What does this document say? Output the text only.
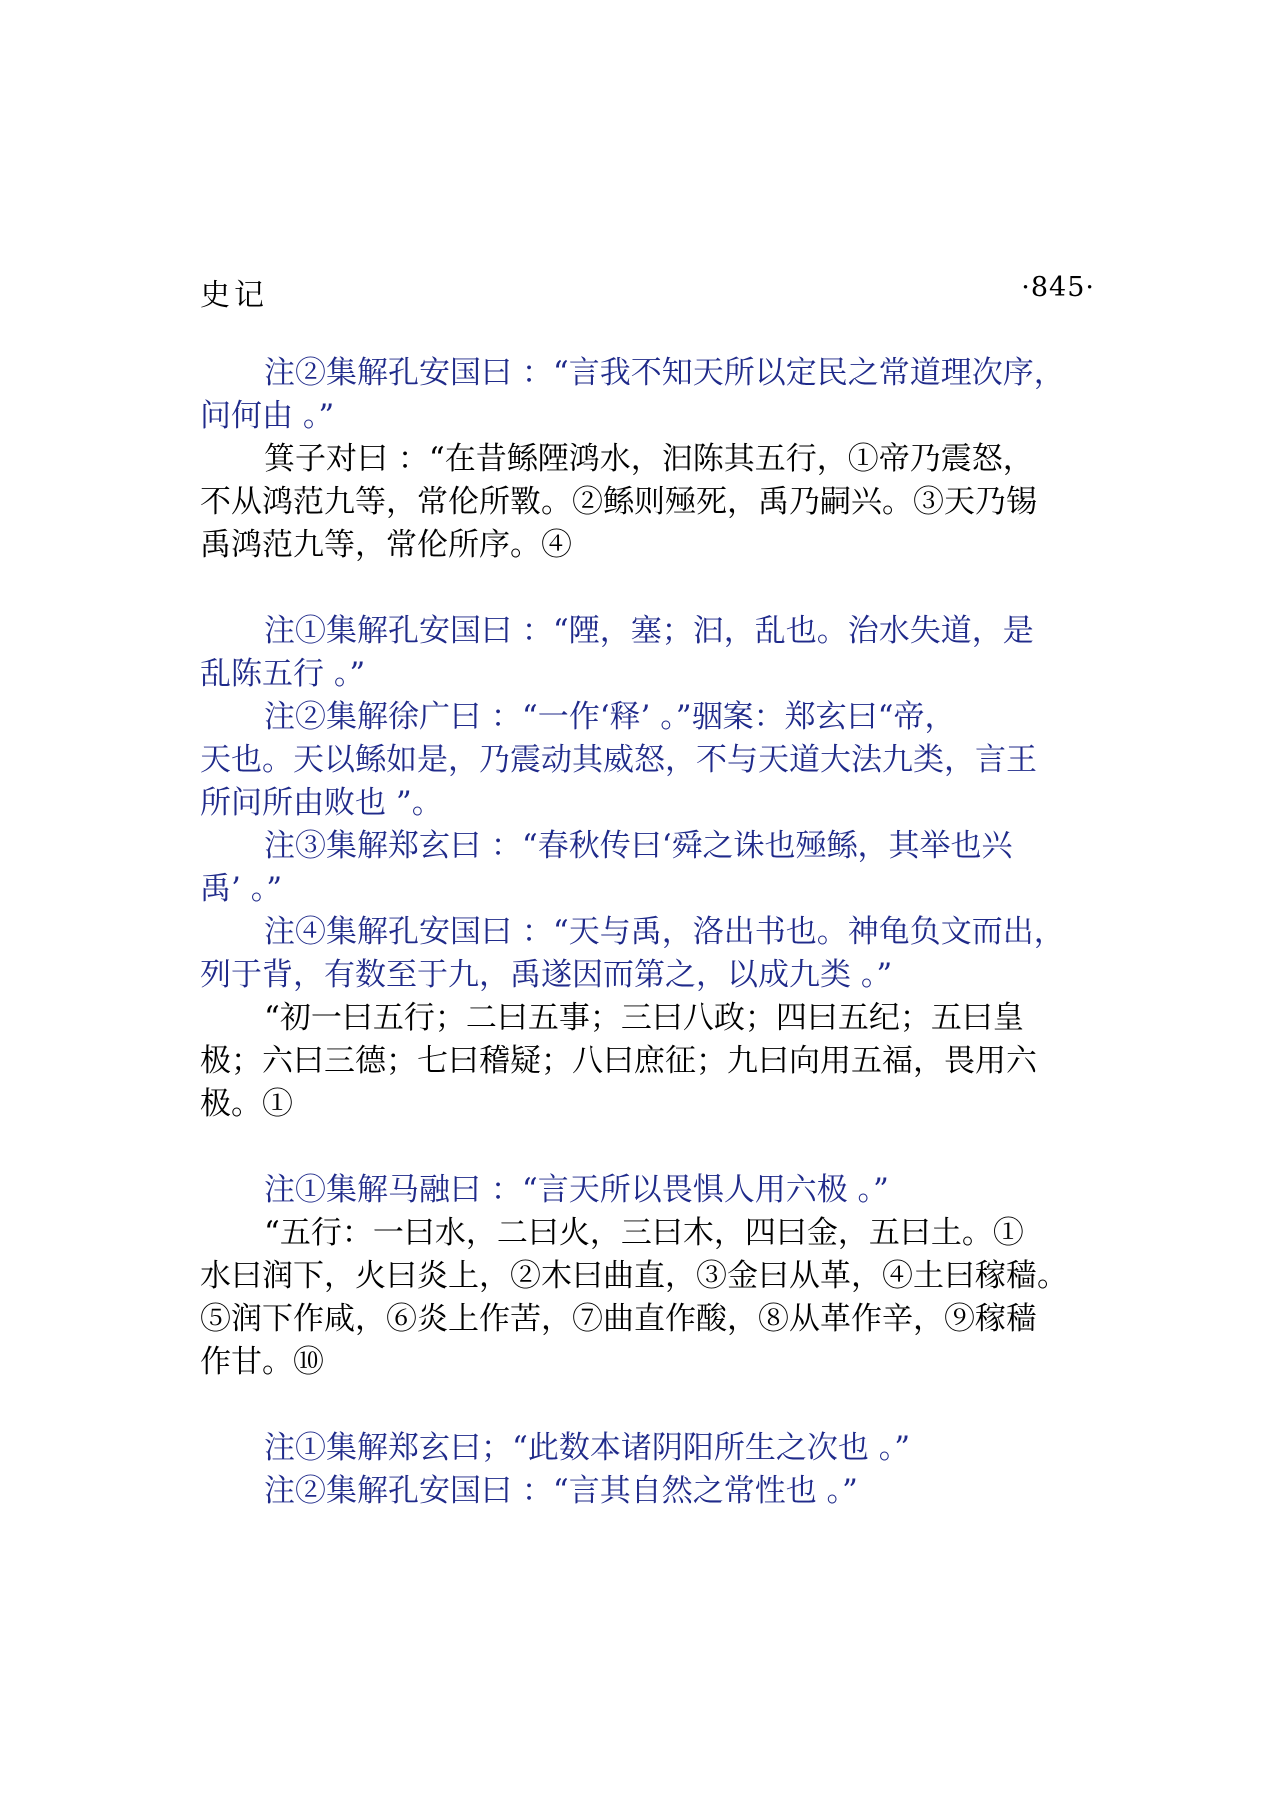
史记	·845·

注②集解孔安国曰 ：“言我不知天所以定民之常道理次序，
问何由 。”

箕子对曰 ：“在昔鲧陻鸿水，汩陈其五行，①帝乃震怒，
不从鸿范九等，常伦所斁。②鲧则殛死，禹乃嗣兴。③天乃锡
禹鸿范九等，常伦所序。④

注①集解孔安国曰 ：“陻，塞；汩，乱也。治水失道，是
乱陈五行 。”

注②集解徐广曰 ：“一作‘释’ 。”骃案：郑玄曰“帝，
天也。天以鲧如是，乃震动其威怒，不与天道大法九类，言王
所问所由败也 ”。

注③集解郑玄曰 ：“春秋传曰‘舜之诛也殛鲧，其举也兴
禹’ 。”

注④集解孔安国曰 ：“天与禹，洛出书也。神龟负文而出，
列于背，有数至于九，禹遂因而第之，以成九类 。”

“初一曰五行；二曰五事；三曰八政；四曰五纪；五曰皇
极；六曰三德；七曰稽疑；八曰庶征；九曰向用五福，畏用六
极。①

注①集解马融曰 ：“言天所以畏惧人用六极 。”

“五行：一曰水，二曰火，三曰木，四曰金，五曰土。①
水曰润下，火曰炎上，②木曰曲直，③金曰从革，④土曰稼穑。
⑤润下作咸，⑥炎上作苦，⑦曲直作酸，⑧从革作辛，⑨稼穑
作甘。⑩

注①集解郑玄曰；“此数本诸阴阳所生之次也 。”

注②集解孔安国曰 ：“言其自然之常性也 。”
